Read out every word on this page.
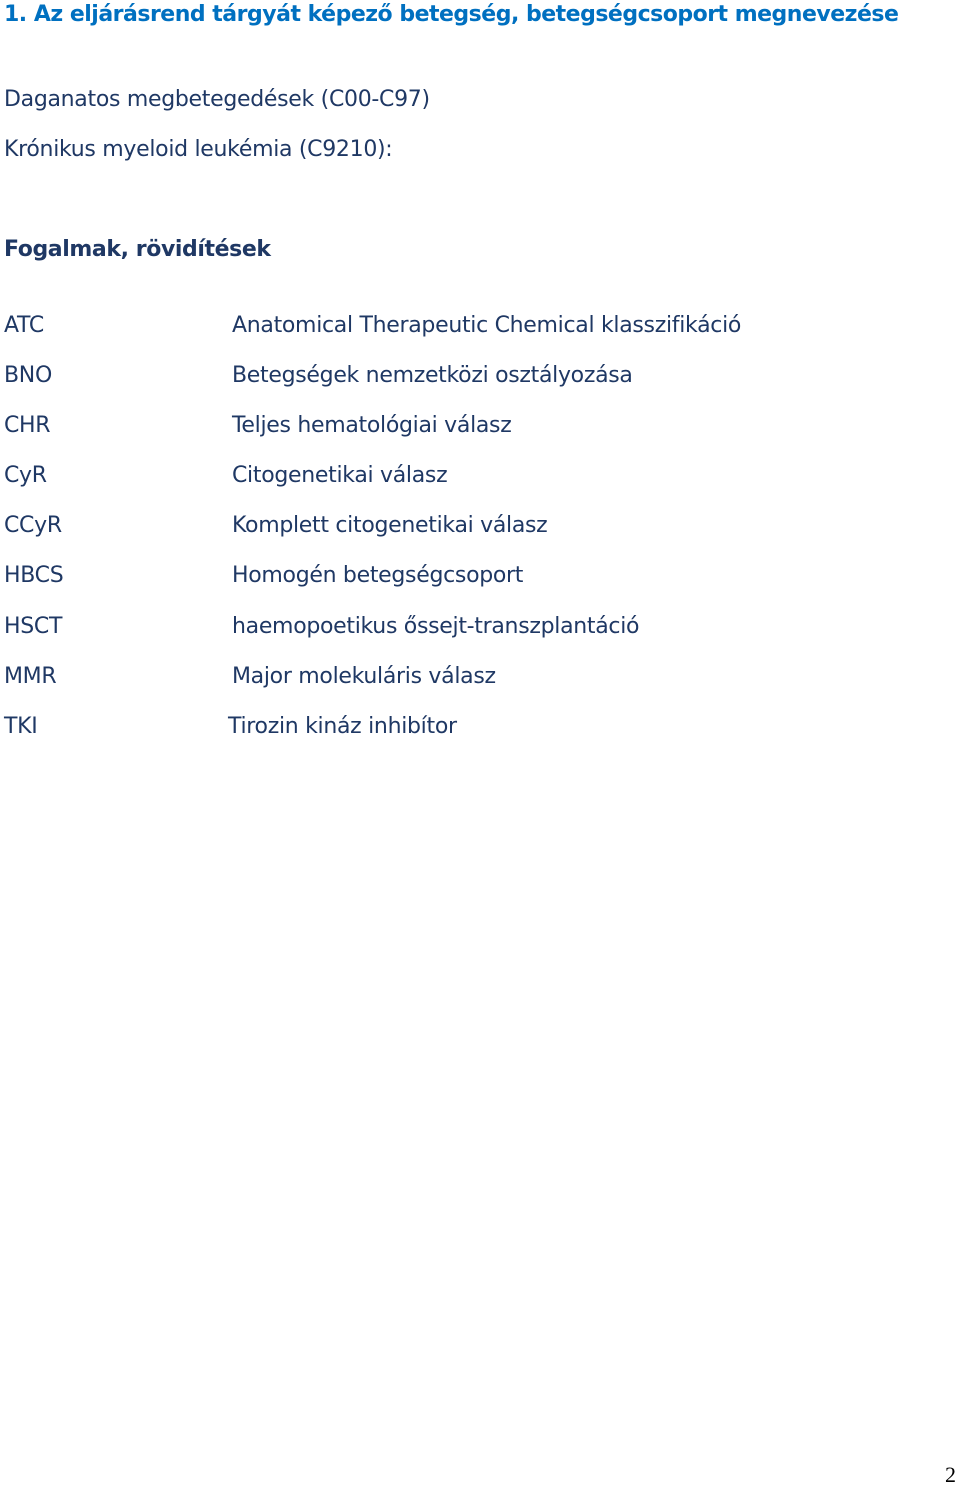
1. Az eljárásrend tárgyát képező betegség, betegségcsoport megnevezése

Daganatos megbetegedések (C00-C97)

Krónikus myeloid leukémia (C9210):

Fogalmak, rövidítések
ATC	Anatomical Therapeutic Chemical klasszifikáció
BNO	Betegségek nemzetközi osztályozása
CHR	Teljes hematológiai válasz
CyR	Citogenetikai válasz
CCyR	Komplett citogenetikai válasz
HBCS	Homogén betegségcsoport
HSCT	haemopoetikus őssejt-transzplantáció
MMR	Major molekuláris válasz
TKI	Tirozin kináz inhibítor
2
